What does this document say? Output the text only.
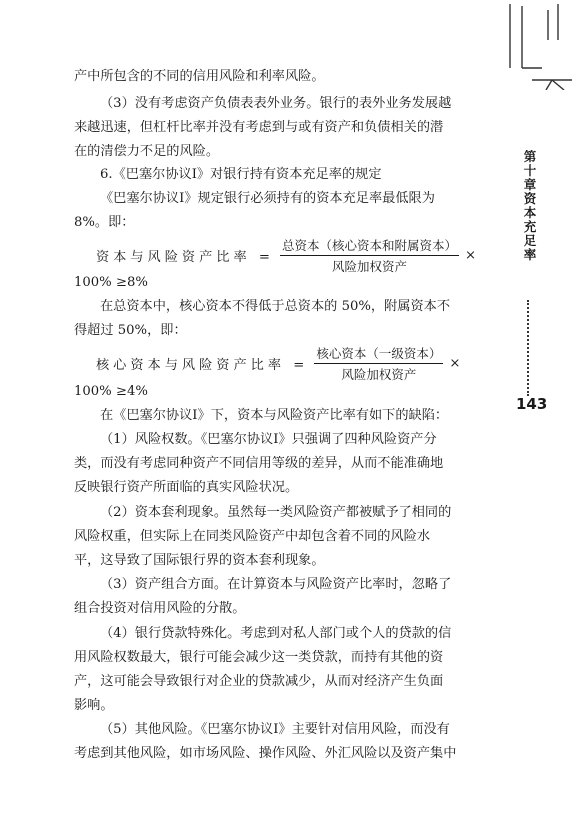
产中所包含的不同的信用风险和利率风险。
（3）没有考虑资产负债表表外业务。银行的表外业务发展越
来越迅速，但杠杆比率并没有考虑到与或有资产和负债相关的潜
在的清偿力不足的风险。
6.《巴塞尔协议Ⅰ》对银行持有资本充足率的规定
《巴塞尔协议Ⅰ》规定银行必须持有的资本充足率最低限为
8%。即：
资本与风险资产比率 = $\frac{\text{总资本（核心资本和附属资本）}}{\text{风险加权资产}}$ ×
100% ≥8%
在总资本中，核心资本不得低于总资本的 50%，附属资本不
得超过 50%，即：
核心资本与风险资产比率 = $\frac{\text{核心资本（一级资本）}}{\text{风险加权资产}}$ ×
100% ≥4%
在《巴塞尔协议Ⅰ》下，资本与风险资产比率有如下的缺陷：
（1）风险权数。《巴塞尔协议Ⅰ》只强调了四种风险资产分
类，而没有考虑同种资产不同信用等级的差异，从而不能准确地
反映银行资产所面临的真实风险状况。
（2）资本套利现象。虽然每一类风险资产都被赋予了相同的
风险权重，但实际上在同类风险资产中却包含着不同的风险水
平，这导致了国际银行界的资本套利现象。
（3）资产组合方面。在计算资本与风险资产比率时，忽略了
组合投资对信用风险的分散。
（4）银行贷款特殊化。考虑到对私人部门或个人的贷款的信
用风险权数最大，银行可能会减少这一类贷款，而持有其他的资
产，这可能会导致银行对企业的贷款减少，从而对经济产生负面
影响。
（5）其他风险。《巴塞尔协议Ⅰ》主要针对信用风险，而没有
考虑到其他风险，如市场风险、操作风险、外汇风险以及资产集中
第十章 资本充足率
143
